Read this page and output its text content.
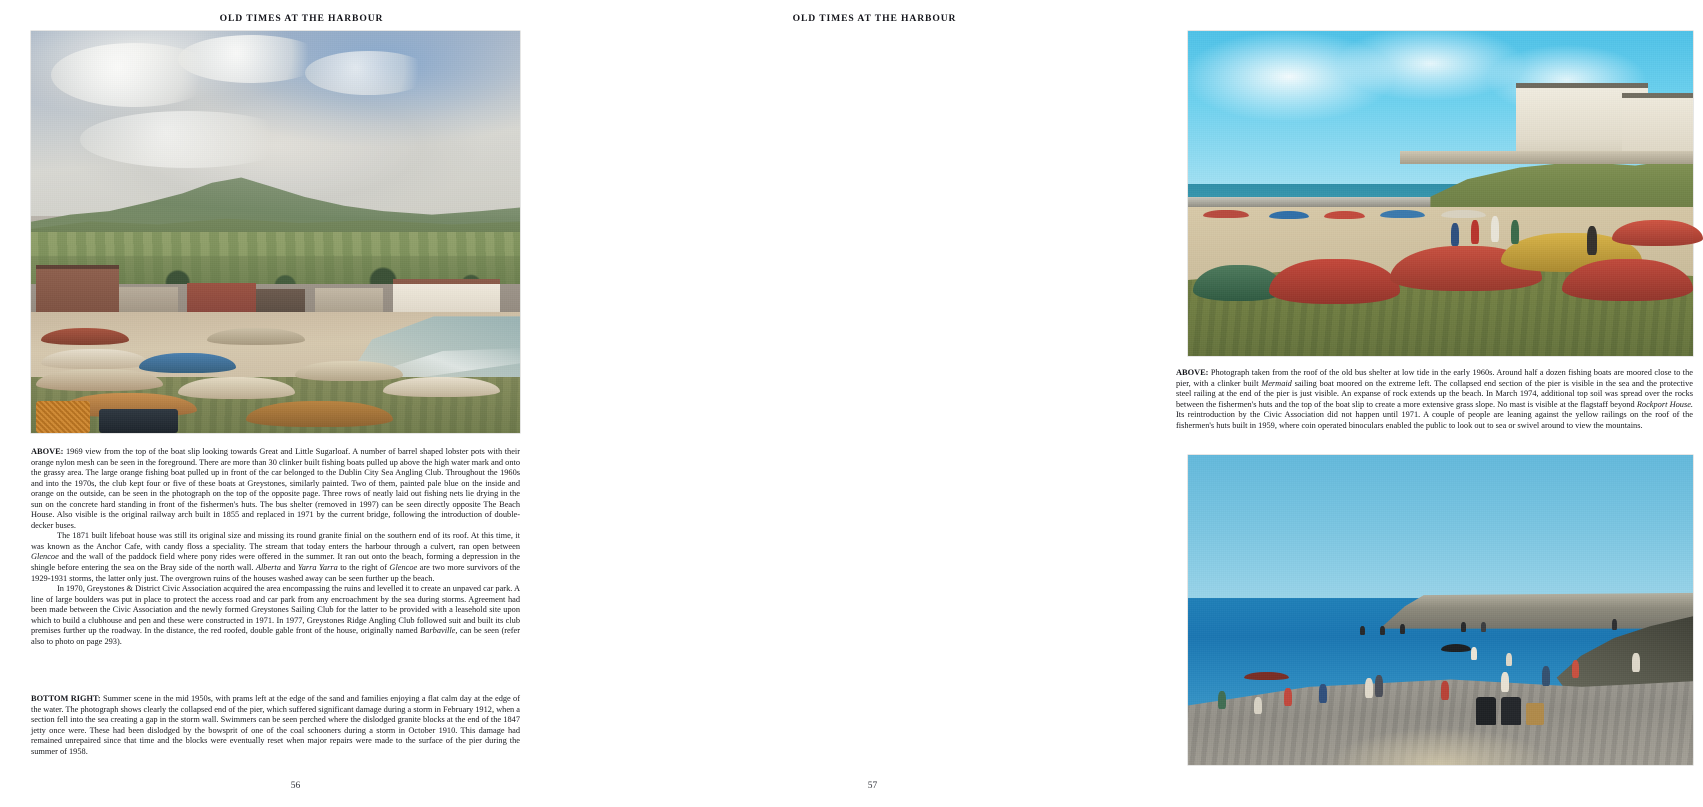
OLD TIMES AT THE HARBOUR

ABOVE: 1969 view from the top of the boat slip looking towards Great and Little Sugarloaf. A number of barrel shaped lobster pots with their orange nylon mesh can be seen in the foreground. There are more than 30 clinker built fishing boats pulled up above the high water mark and onto the grassy area. The large orange fishing boat pulled up in front of the car belonged to the Dublin City Sea Angling Club. Throughout the 1960s and into the 1970s, the club kept four or five of these boats at Greystones, similarly painted. Two of them, painted pale blue on the inside and orange on the outside, can be seen in the photograph on the top of the opposite page. Three rows of neatly laid out fishing nets lie drying in the sun on the concrete hard standing in front of the fishermen's huts. The bus shelter (removed in 1997) can be seen directly opposite The Beach House. Also visible is the original railway arch built in 1855 and replaced in 1971 by the current bridge, following the introduction of double-decker buses.

The 1871 built lifeboat house was still its original size and missing its round granite finial on the southern end of its roof. At this time, it was known as the Anchor Cafe, with candy floss a speciality. The stream that today enters the harbour through a culvert, ran open between Glencoe and the wall of the paddock field where pony rides were offered in the summer. It ran out onto the beach, forming a depression in the shingle before entering the sea on the Bray side of the north wall. Alberta and Yarra Yarra to the right of Glencoe are two more survivors of the 1929-1931 storms, the latter only just. The overgrown ruins of the houses washed away can be seen further up the beach.

In 1970, Greystones & District Civic Association acquired the area encompassing the ruins and levelled it to create an unpaved car park. A line of large boulders was put in place to protect the access road and car park from any encroachment by the sea during storms. Agreement had been made between the Civic Association and the newly formed Greystones Sailing Club for the latter to be provided with a leasehold site upon which to build a clubhouse and pen and these were constructed in 1971. In 1977, Greystones Ridge Angling Club followed suit and built its club premises further up the roadway. In the distance, the red roofed, double gable front of the house, originally named Barbaville, can be seen (refer also to photo on page 293).

BOTTOM RIGHT: Summer scene in the mid 1950s, with prams left at the edge of the sand and families enjoying a flat calm day at the edge of the water. The photograph shows clearly the collapsed end of the pier, which suffered significant damage during a storm in February 1912, when a section fell into the sea creating a gap in the storm wall. Swimmers can be seen perched where the dislodged granite blocks at the end of the 1847 jetty once were. These had been dislodged by the bowsprit of one of the coal schooners during a storm in October 1910. This damage had remained unrepaired since that time and the blocks were eventually reset when major repairs were made to the surface of the pier during the summer of 1958.

56
OLD TIMES AT THE HARBOUR

ABOVE: Photograph taken from the roof of the old bus shelter at low tide in the early 1960s. Around half a dozen fishing boats are moored close to the pier, with a clinker built Mermaid sailing boat moored on the extreme left. The collapsed end section of the pier is visible in the sea and the protective steel railing at the end of the pier is just visible. An expanse of rock extends up the beach. In March 1974, additional top soil was spread over the rocks between the fishermen's huts and the top of the boat slip to create a more extensive grass slope. No mast is visible at the flagstaff beyond Rockport House. Its reintroduction by the Civic Association did not happen until 1971. A couple of people are leaning against the yellow railings on the roof of the fishermen's huts built in 1959, where coin operated binoculars enabled the public to look out to sea or swivel around to view the mountains.

57
